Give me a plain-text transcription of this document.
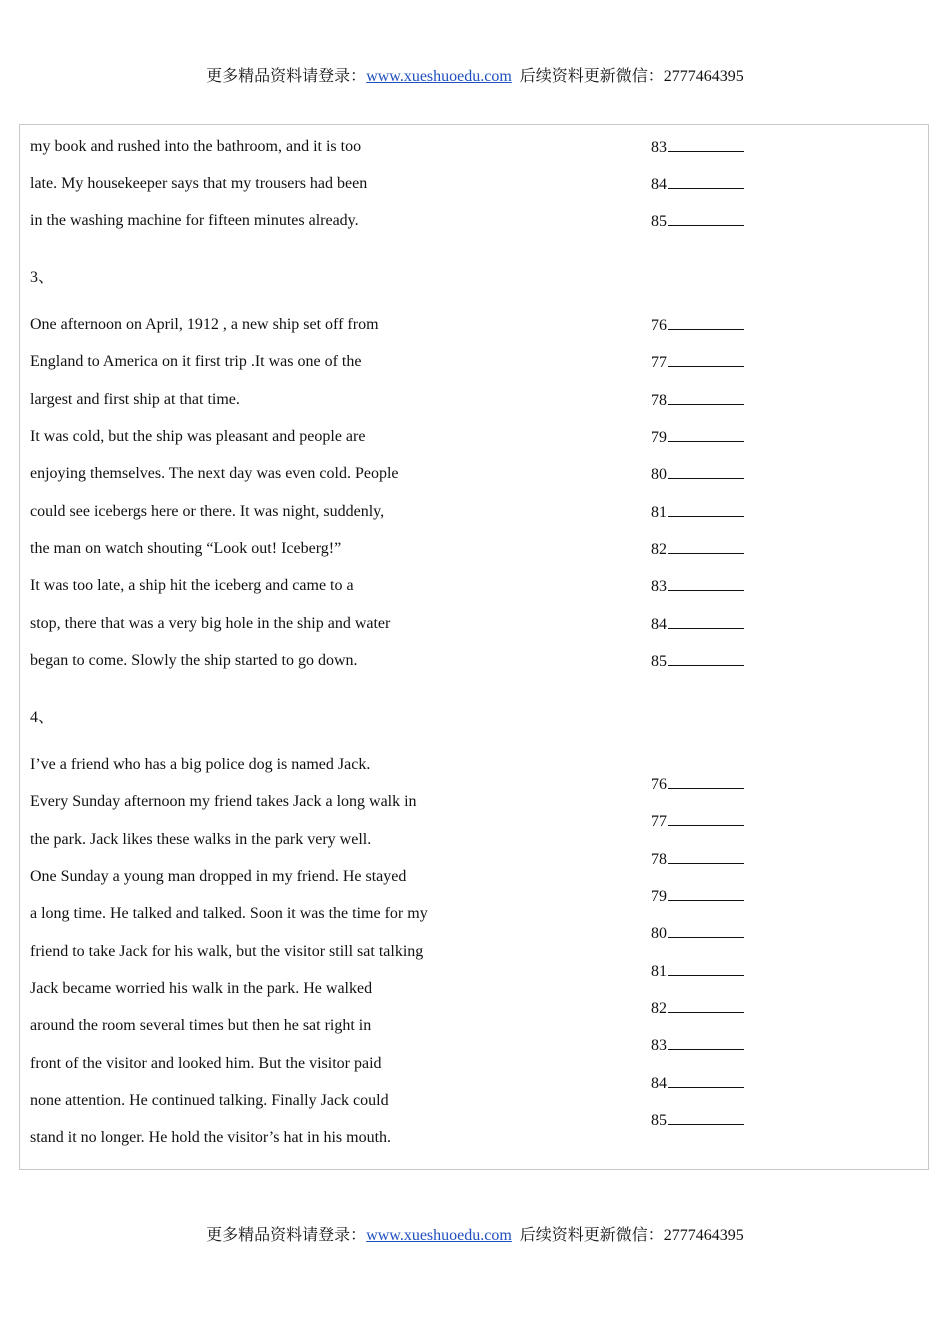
更多精品资料请登录：www.xueshuoedu.com 后续资料更新微信：2777464395
my book and rushed into the bathroom, and it is too
late. My housekeeper says that my trousers had been
in the washing machine for fifteen minutes already.
83
84
85
3、
One afternoon on April, 1912 , a new ship set off from
England to America on it first trip .It was one of the
largest and first ship at that time.
It was cold, but the ship was pleasant and people are
enjoying themselves. The next day was even cold. People
could see icebergs here or there. It was night, suddenly,
the man on watch shouting “Look out! Iceberg!”
It was too late, a ship hit the iceberg and came to a
stop, there that was a very big hole in the ship and water
began to come. Slowly the ship started to go down.
76
77
78
79
80
81
82
83
84
85
4、
I’ve a friend who has a big police dog is named Jack.
Every Sunday afternoon my friend takes Jack a long walk in
the park. Jack likes these walks in the park very well.
One Sunday a young man dropped in my friend. He stayed
a long time. He talked and talked. Soon it was the time for my
friend to take Jack for his walk, but the visitor still sat talking
Jack became worried his walk in the park. He walked
around the room several times but then he sat right in
front of the visitor and looked him. But the visitor paid
none attention. He continued talking. Finally Jack could
stand it no longer. He hold the visitor’s hat in his mouth.
76
77
78
79
80
81
82
83
84
85
更多精品资料请登录：www.xueshuoedu.com 后续资料更新微信：2777464395
